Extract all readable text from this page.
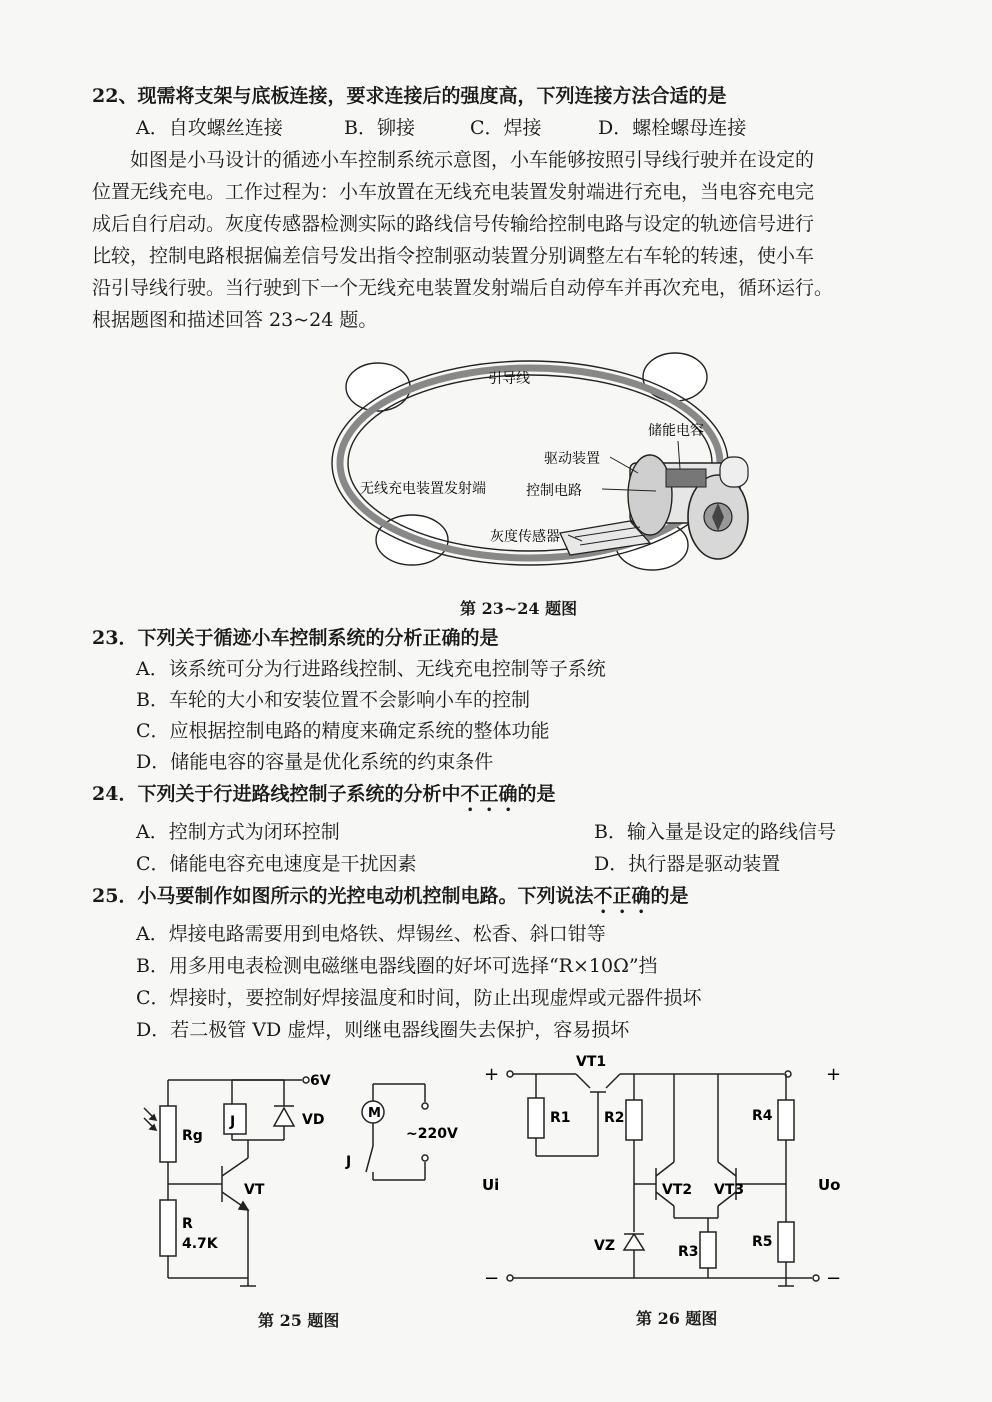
22、现需将支架与底板连接，要求连接后的强度高，下列连接方法合适的是
A．自攻螺丝连接	B．铆接	C．焊接	D．螺栓螺母连接
如图是小马设计的循迹小车控制系统示意图，小车能够按照引导线行驶并在设定的
位置无线充电。工作过程为：小车放置在无线充电装置发射端进行充电，当电容充电完
成后自行启动。灰度传感器检测实际的路线信号传输给控制电路与设定的轨迹信号进行
比较，控制电路根据偏差信号发出指令控制驱动装置分别调整左右车轮的转速，使小车
沿引导线行驶。当行驶到下一个无线充电装置发射端后自动停车并再次充电，循环运行。
根据题图和描述回答 23~24 题。
引导线
储能电容
驱动装置
无线充电装置发射端	控制电路
灰度传感器
第 23~24 题图
23．下列关于循迹小车控制系统的分析正确的是
A．该系统可分为行进路线控制、无线充电控制等子系统
B．车轮的大小和安装位置不会影响小车的控制
C．应根据控制电路的精度来确定系统的整体功能
D．储能电容的容量是优化系统的约束条件
24．下列关于行进路线控制子系统的分析中不正确的是
A．控制方式为闭环控制	B．输入量是设定的路线信号
C．储能电容充电速度是干扰因素	D．执行器是驱动装置
25．小马要制作如图所示的光控电动机控制电路。下列说法不正确的是
A．焊接电路需要用到电烙铁、焊锡丝、松香、斜口钳等
B．用多用电表检测电磁继电器线圈的好坏可选择“R×10Ω”挡
C．焊接时，要控制好焊接温度和时间，防止出现虚焊或元器件损坏
D．若二极管 VD 虚焊，则继电器线圈失去保护，容易损坏
6V
Rg
J	VD
VT
R
4.7K
M
~220V
J
第 25 题图
+	+
−	−
VT1
R1 R2	R4
Ui	Uo
VT2 VT3
VZ	R3
R5
第 26 题图
